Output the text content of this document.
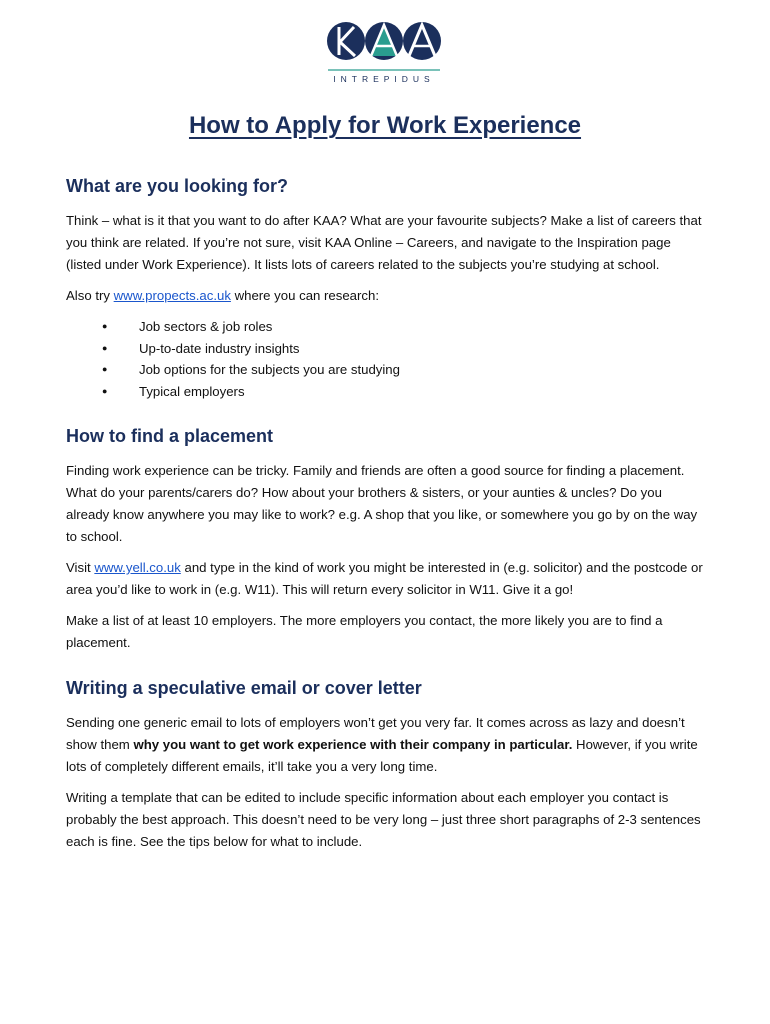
INTREPIDUS
How to Apply for Work Experience
What are you looking for?

Think – what is it that you want to do after KAA? What are your favourite subjects? Make a list of careers that you think are related. If you’re not sure, visit KAA Online – Careers, and navigate to the Inspiration page (listed under Work Experience). It lists lots of careers related to the subjects you’re studying at school.

Also try www.propects.ac.uk where you can research:

● Job sectors & job roles
● Up-to-date industry insights
● Job options for the subjects you are studying
● Typical employers
How to find a placement

Finding work experience can be tricky. Family and friends are often a good source for finding a placement. What do your parents/carers do? How about your brothers & sisters, or your aunties & uncles? Do you already know anywhere you may like to work? e.g. A shop that you like, or somewhere you go by on the way to school.

Visit www.yell.co.uk and type in the kind of work you might be interested in (e.g. solicitor) and the postcode or area you’d like to work in (e.g. W11). This will return every solicitor in W11. Give it a go!

Make a list of at least 10 employers. The more employers you contact, the more likely you are to find a placement.

Writing a speculative email or cover letter

Sending one generic email to lots of employers won’t get you very far. It comes across as lazy and doesn’t show them why you want to get work experience with their company in particular. However, if you write lots of completely different emails, it’ll take you a very long time.

Writing a template that can be edited to include specific information about each employer you contact is probably the best approach. This doesn’t need to be very long – just three short paragraphs of 2-3 sentences each is fine. See the tips below for what to include.
